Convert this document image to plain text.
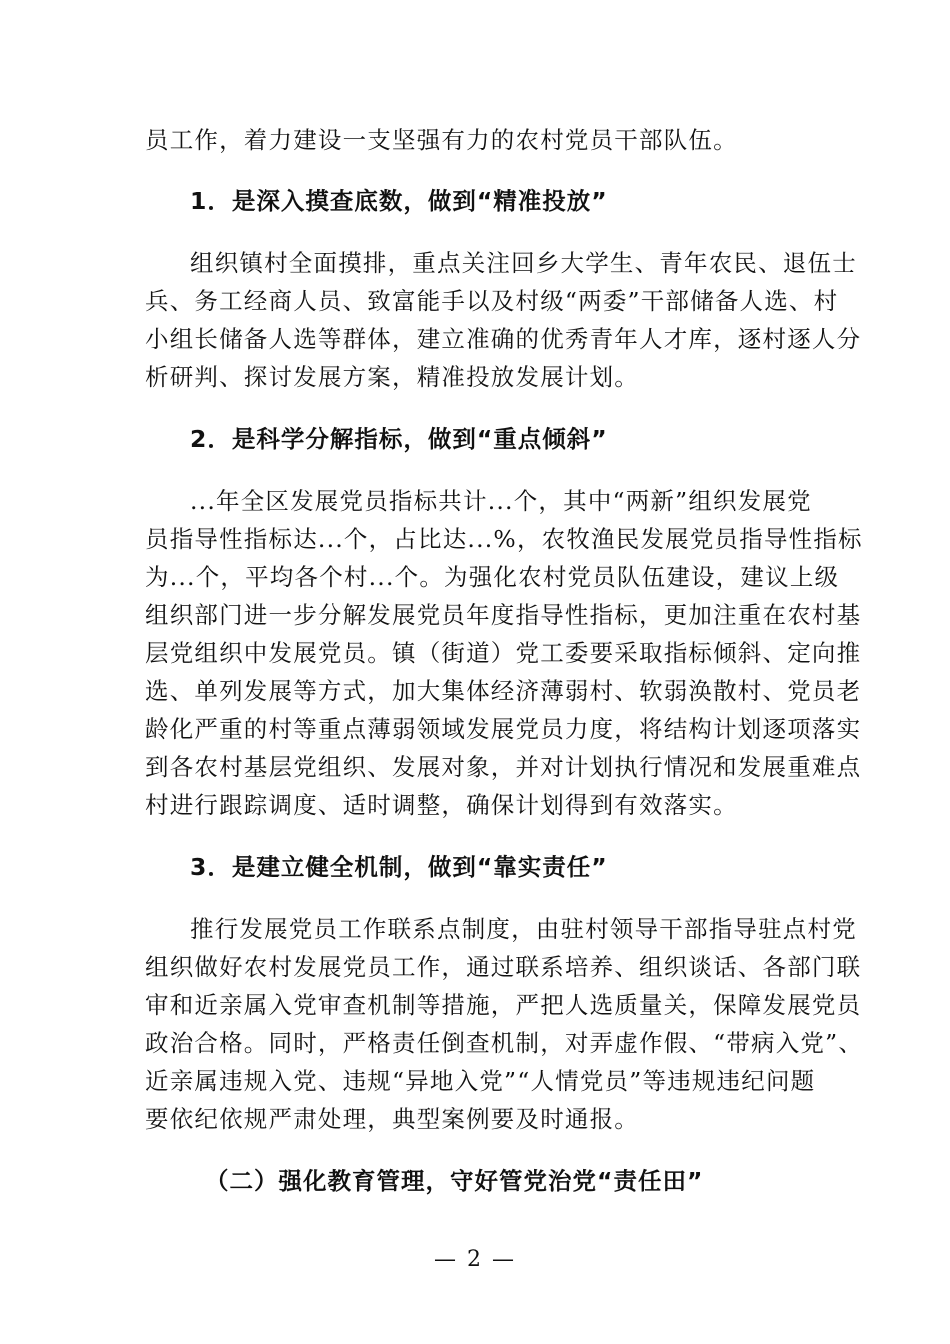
员工作，着力建设一支坚强有力的农村党员干部队伍。
1．是深入摸查底数，做到“精准投放”
组织镇村全面摸排，重点关注回乡大学生、青年农民、退伍士
兵、务工经商人员、致富能手以及村级“两委”干部储备人选、村
小组长储备人选等群体，建立准确的优秀青年人才库，逐村逐人分
析研判、探讨发展方案，精准投放发展计划。
2．是科学分解指标，做到“重点倾斜”
...年全区发展党员指标共计...个，其中“两新”组织发展党
员指导性指标达...个，占比达...%，农牧渔民发展党员指导性指标
为...个，平均各个村...个。为强化农村党员队伍建设，建议上级
组织部门进一步分解发展党员年度指导性指标，更加注重在农村基
层党组织中发展党员。镇（街道）党工委要采取指标倾斜、定向推
选、单列发展等方式，加大集体经济薄弱村、软弱涣散村、党员老
龄化严重的村等重点薄弱领域发展党员力度，将结构计划逐项落实
到各农村基层党组织、发展对象，并对计划执行情况和发展重难点
村进行跟踪调度、适时调整，确保计划得到有效落实。
3．是建立健全机制，做到“靠实责任”
推行发展党员工作联系点制度，由驻村领导干部指导驻点村党
组织做好农村发展党员工作，通过联系培养、组织谈话、各部门联
审和近亲属入党审查机制等措施，严把人选质量关，保障发展党员
政治合格。同时，严格责任倒查机制，对弄虚作假、“带病入党”、
近亲属违规入党、违规“异地入党”“人情党员”等违规违纪问题
要依纪依规严肃处理，典型案例要及时通报。
（二）强化教育管理，守好管党治党“责任田”
— 2 —
